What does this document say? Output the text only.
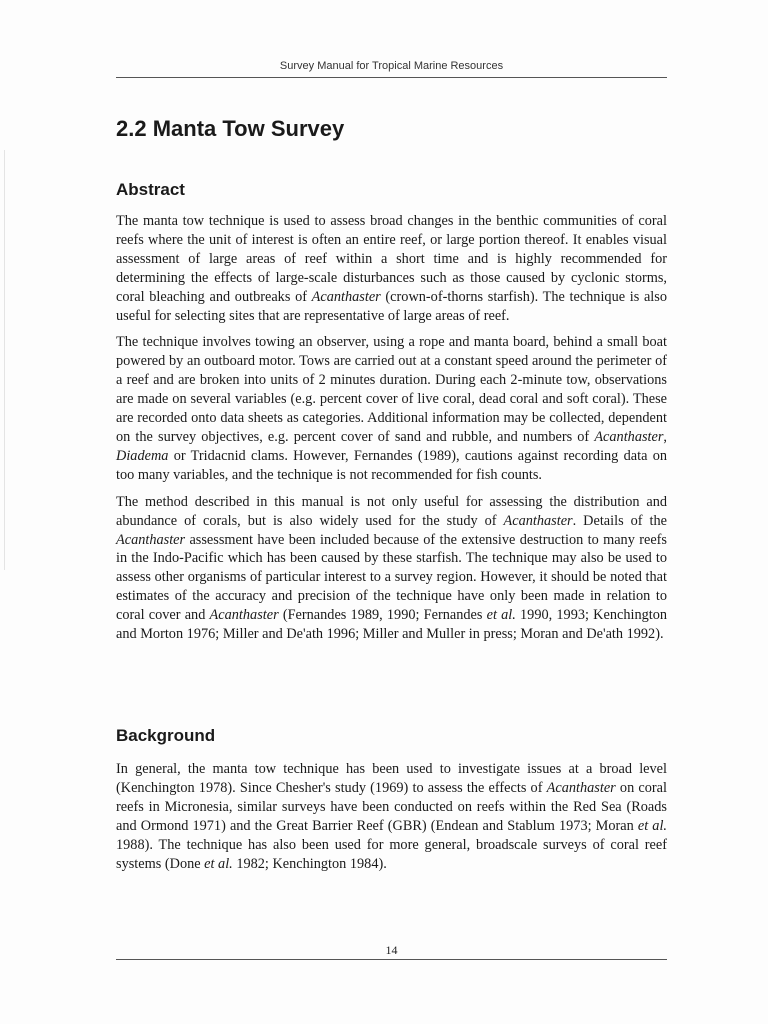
Survey Manual for Tropical Marine Resources
2.2 Manta Tow Survey
Abstract

The manta tow technique is used to assess broad changes in the benthic communities of coral reefs where the unit of interest is often an entire reef, or large portion thereof. It enables visual assessment of large areas of reef within a short time and is highly recommended for determining the effects of large-scale disturbances such as those caused by cyclonic storms, coral bleaching and outbreaks of Acanthaster (crown-of-thorns starfish). The technique is also useful for selecting sites that are representative of large areas of reef.

The technique involves towing an observer, using a rope and manta board, behind a small boat powered by an outboard motor. Tows are carried out at a constant speed around the perimeter of a reef and are broken into units of 2 minutes duration. During each 2-minute tow, observations are made on several variables (e.g. percent cover of live coral, dead coral and soft coral). These are recorded onto data sheets as categories. Additional information may be collected, dependent on the survey objectives, e.g. percent cover of sand and rubble, and numbers of Acanthaster, Diadema or Tridacnid clams. However, Fernandes (1989), cautions against recording data on too many variables, and the technique is not recommended for fish counts.

The method described in this manual is not only useful for assessing the distribution and abundance of corals, but is also widely used for the study of Acanthaster. Details of the Acanthaster assessment have been included because of the extensive destruction to many reefs in the Indo-Pacific which has been caused by these starfish. The technique may also be used to assess other organisms of particular interest to a survey region. However, it should be noted that estimates of the accuracy and precision of the technique have only been made in relation to coral cover and Acanthaster (Fernandes 1989, 1990; Fernandes et al. 1990, 1993; Kenchington and Morton 1976; Miller and De'ath 1996; Miller and Muller in press; Moran and De'ath 1992).

Background

In general, the manta tow technique has been used to investigate issues at a broad level (Kenchington 1978). Since Chesher's study (1969) to assess the effects of Acanthaster on coral reefs in Micronesia, similar surveys have been conducted on reefs within the Red Sea (Roads and Ormond 1971) and the Great Barrier Reef (GBR) (Endean and Stablum 1973; Moran et al. 1988). The technique has also been used for more general, broadscale surveys of coral reef systems (Done et al. 1982; Kenchington 1984).

14
